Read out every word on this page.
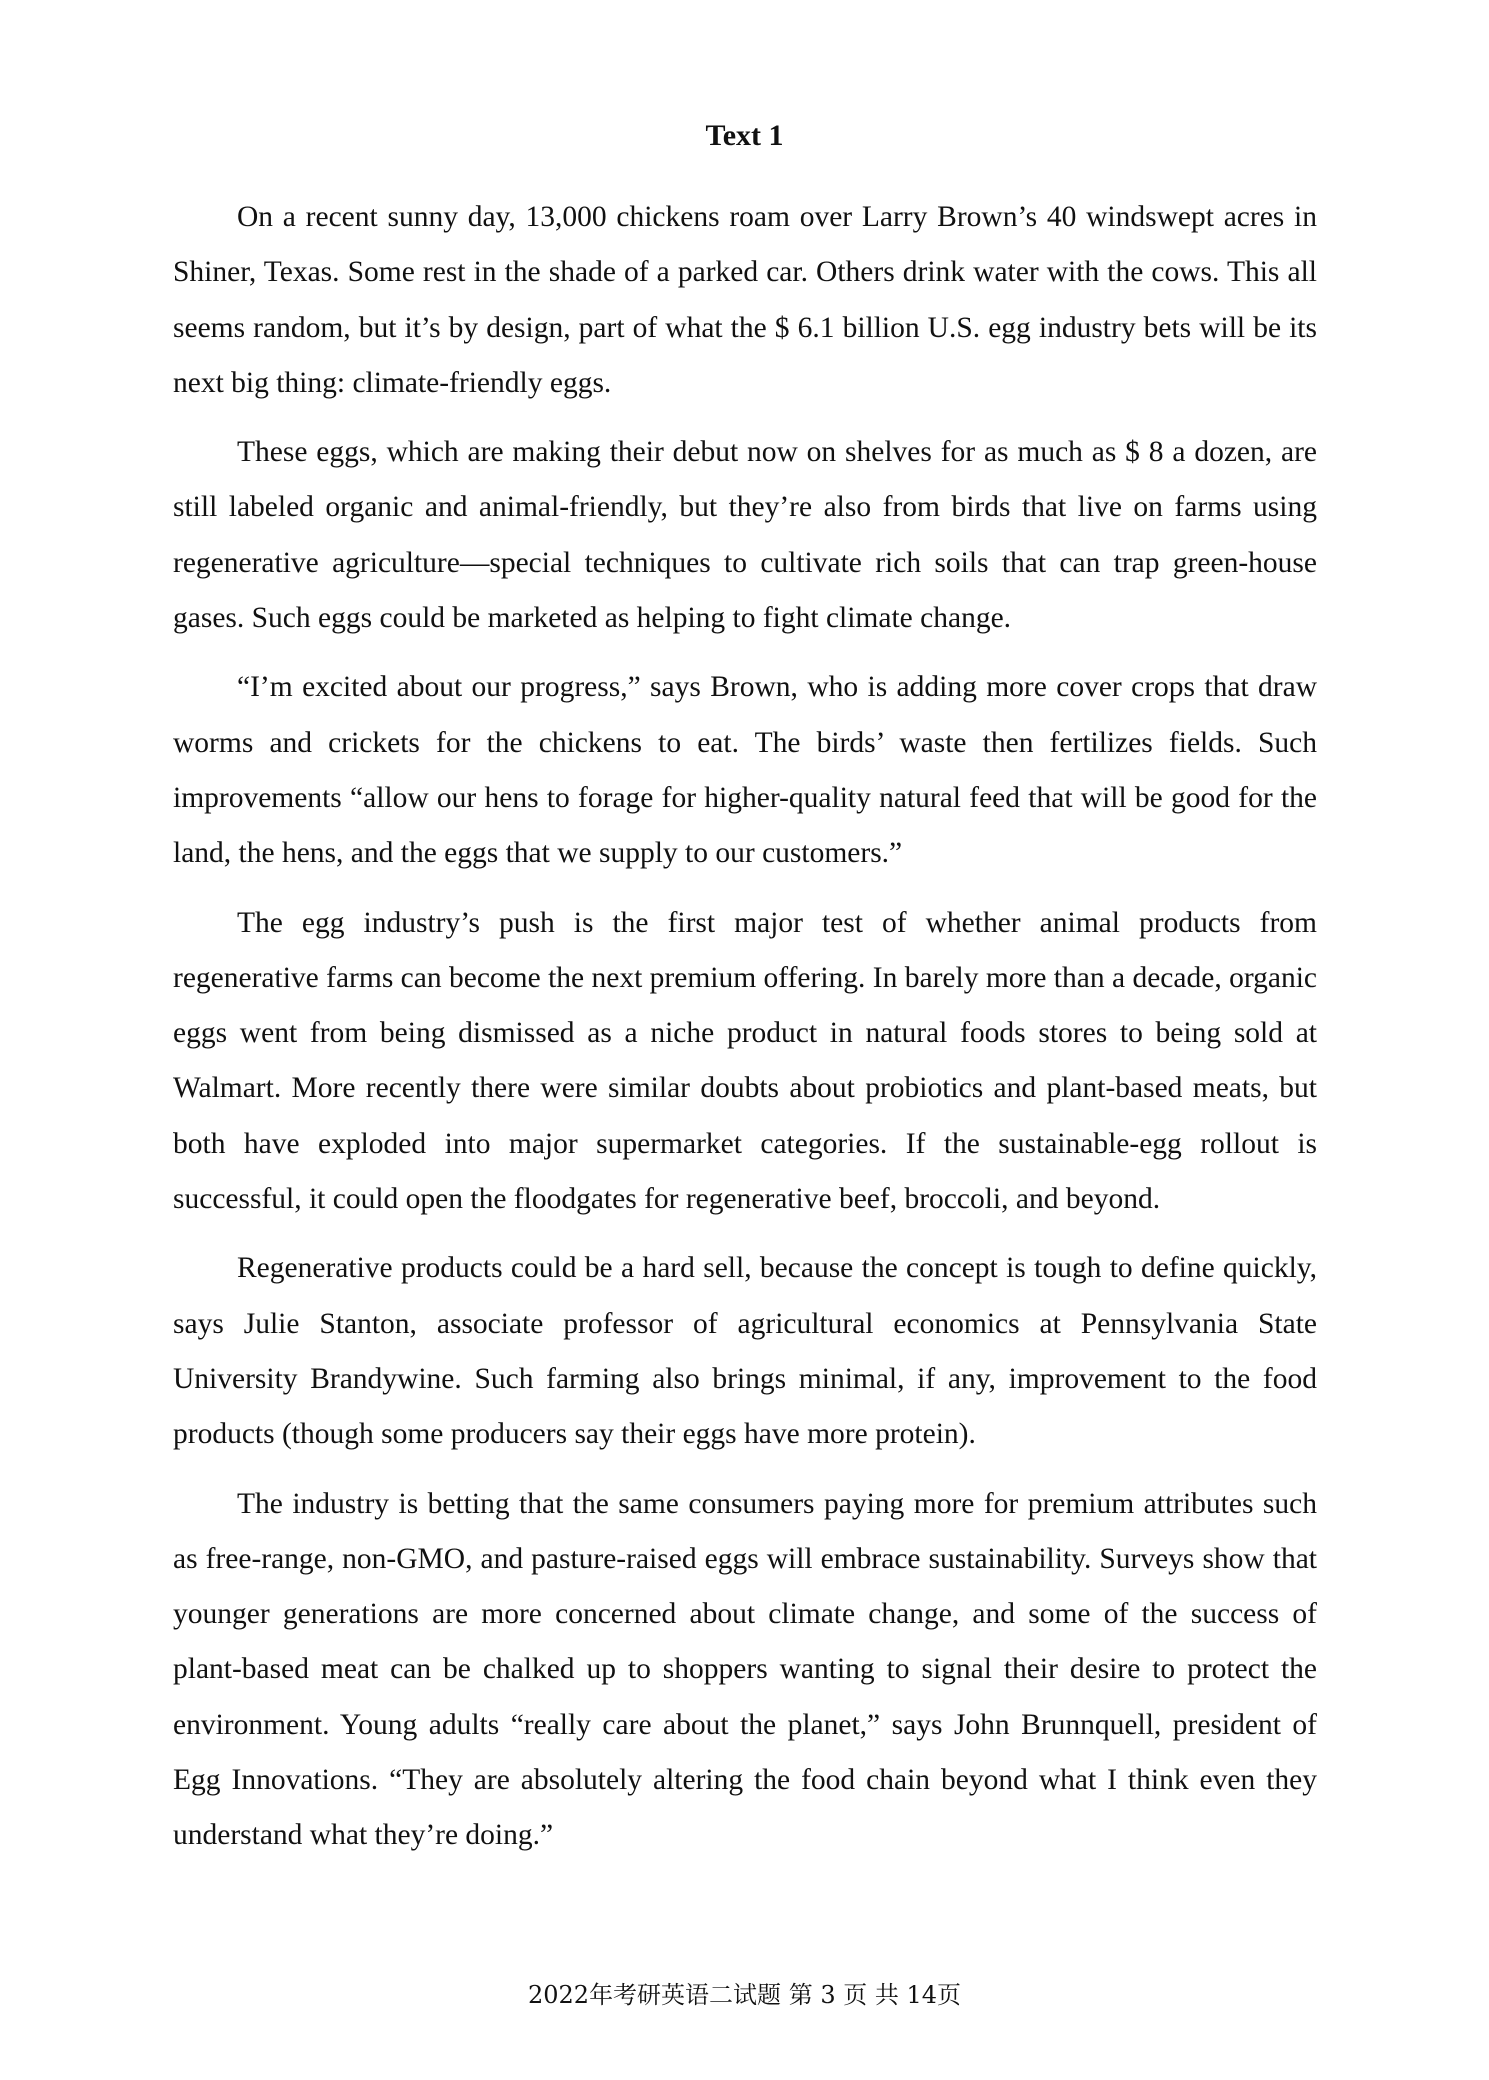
Text 1

On a recent sunny day, 13,000 chickens roam over Larry Brown’s 40 windswept acres in Shiner, Texas. Some rest in the shade of a parked car. Others drink water with the cows. This all seems random, but it’s by design, part of what the $ 6.1 billion U.S. egg industry bets will be its next big thing: climate-friendly eggs.

These eggs, which are making their debut now on shelves for as much as $ 8 a dozen, are still labeled organic and animal-friendly, but they’re also from birds that live on farms using regenerative agriculture—special techniques to cultivate rich soils that can trap green-house gases. Such eggs could be marketed as helping to fight climate change.

“I’m excited about our progress,” says Brown, who is adding more cover crops that draw worms and crickets for the chickens to eat. The birds’ waste then fertilizes fields. Such improvements “allow our hens to forage for higher-quality natural feed that will be good for the land, the hens, and the eggs that we supply to our customers.”

The egg industry’s push is the first major test of whether animal products from regenerative farms can become the next premium offering. In barely more than a decade, organic eggs went from being dismissed as a niche product in natural foods stores to being sold at Walmart. More recently there were similar doubts about probiotics and plant-based meats, but both have exploded into major supermarket categories. If the sustainable-egg rollout is successful, it could open the floodgates for regenerative beef, broccoli, and beyond.

Regenerative products could be a hard sell, because the concept is tough to define quickly, says Julie Stanton, associate professor of agricultural economics at Pennsylvania State University Brandywine. Such farming also brings minimal, if any, improvement to the food products (though some producers say their eggs have more protein).

The industry is betting that the same consumers paying more for premium attributes such as free-range, non-GMO, and pasture-raised eggs will embrace sustainability. Surveys show that younger generations are more concerned about climate change, and some of the success of plant-based meat can be chalked up to shoppers wanting to signal their desire to protect the environment. Young adults “really care about the planet,” says John Brunnquell, president of Egg Innovations. “They are absolutely altering the food chain beyond what I think even they understand what they’re doing.”

2022年考研英语二试题 第 3 页 共 14页
